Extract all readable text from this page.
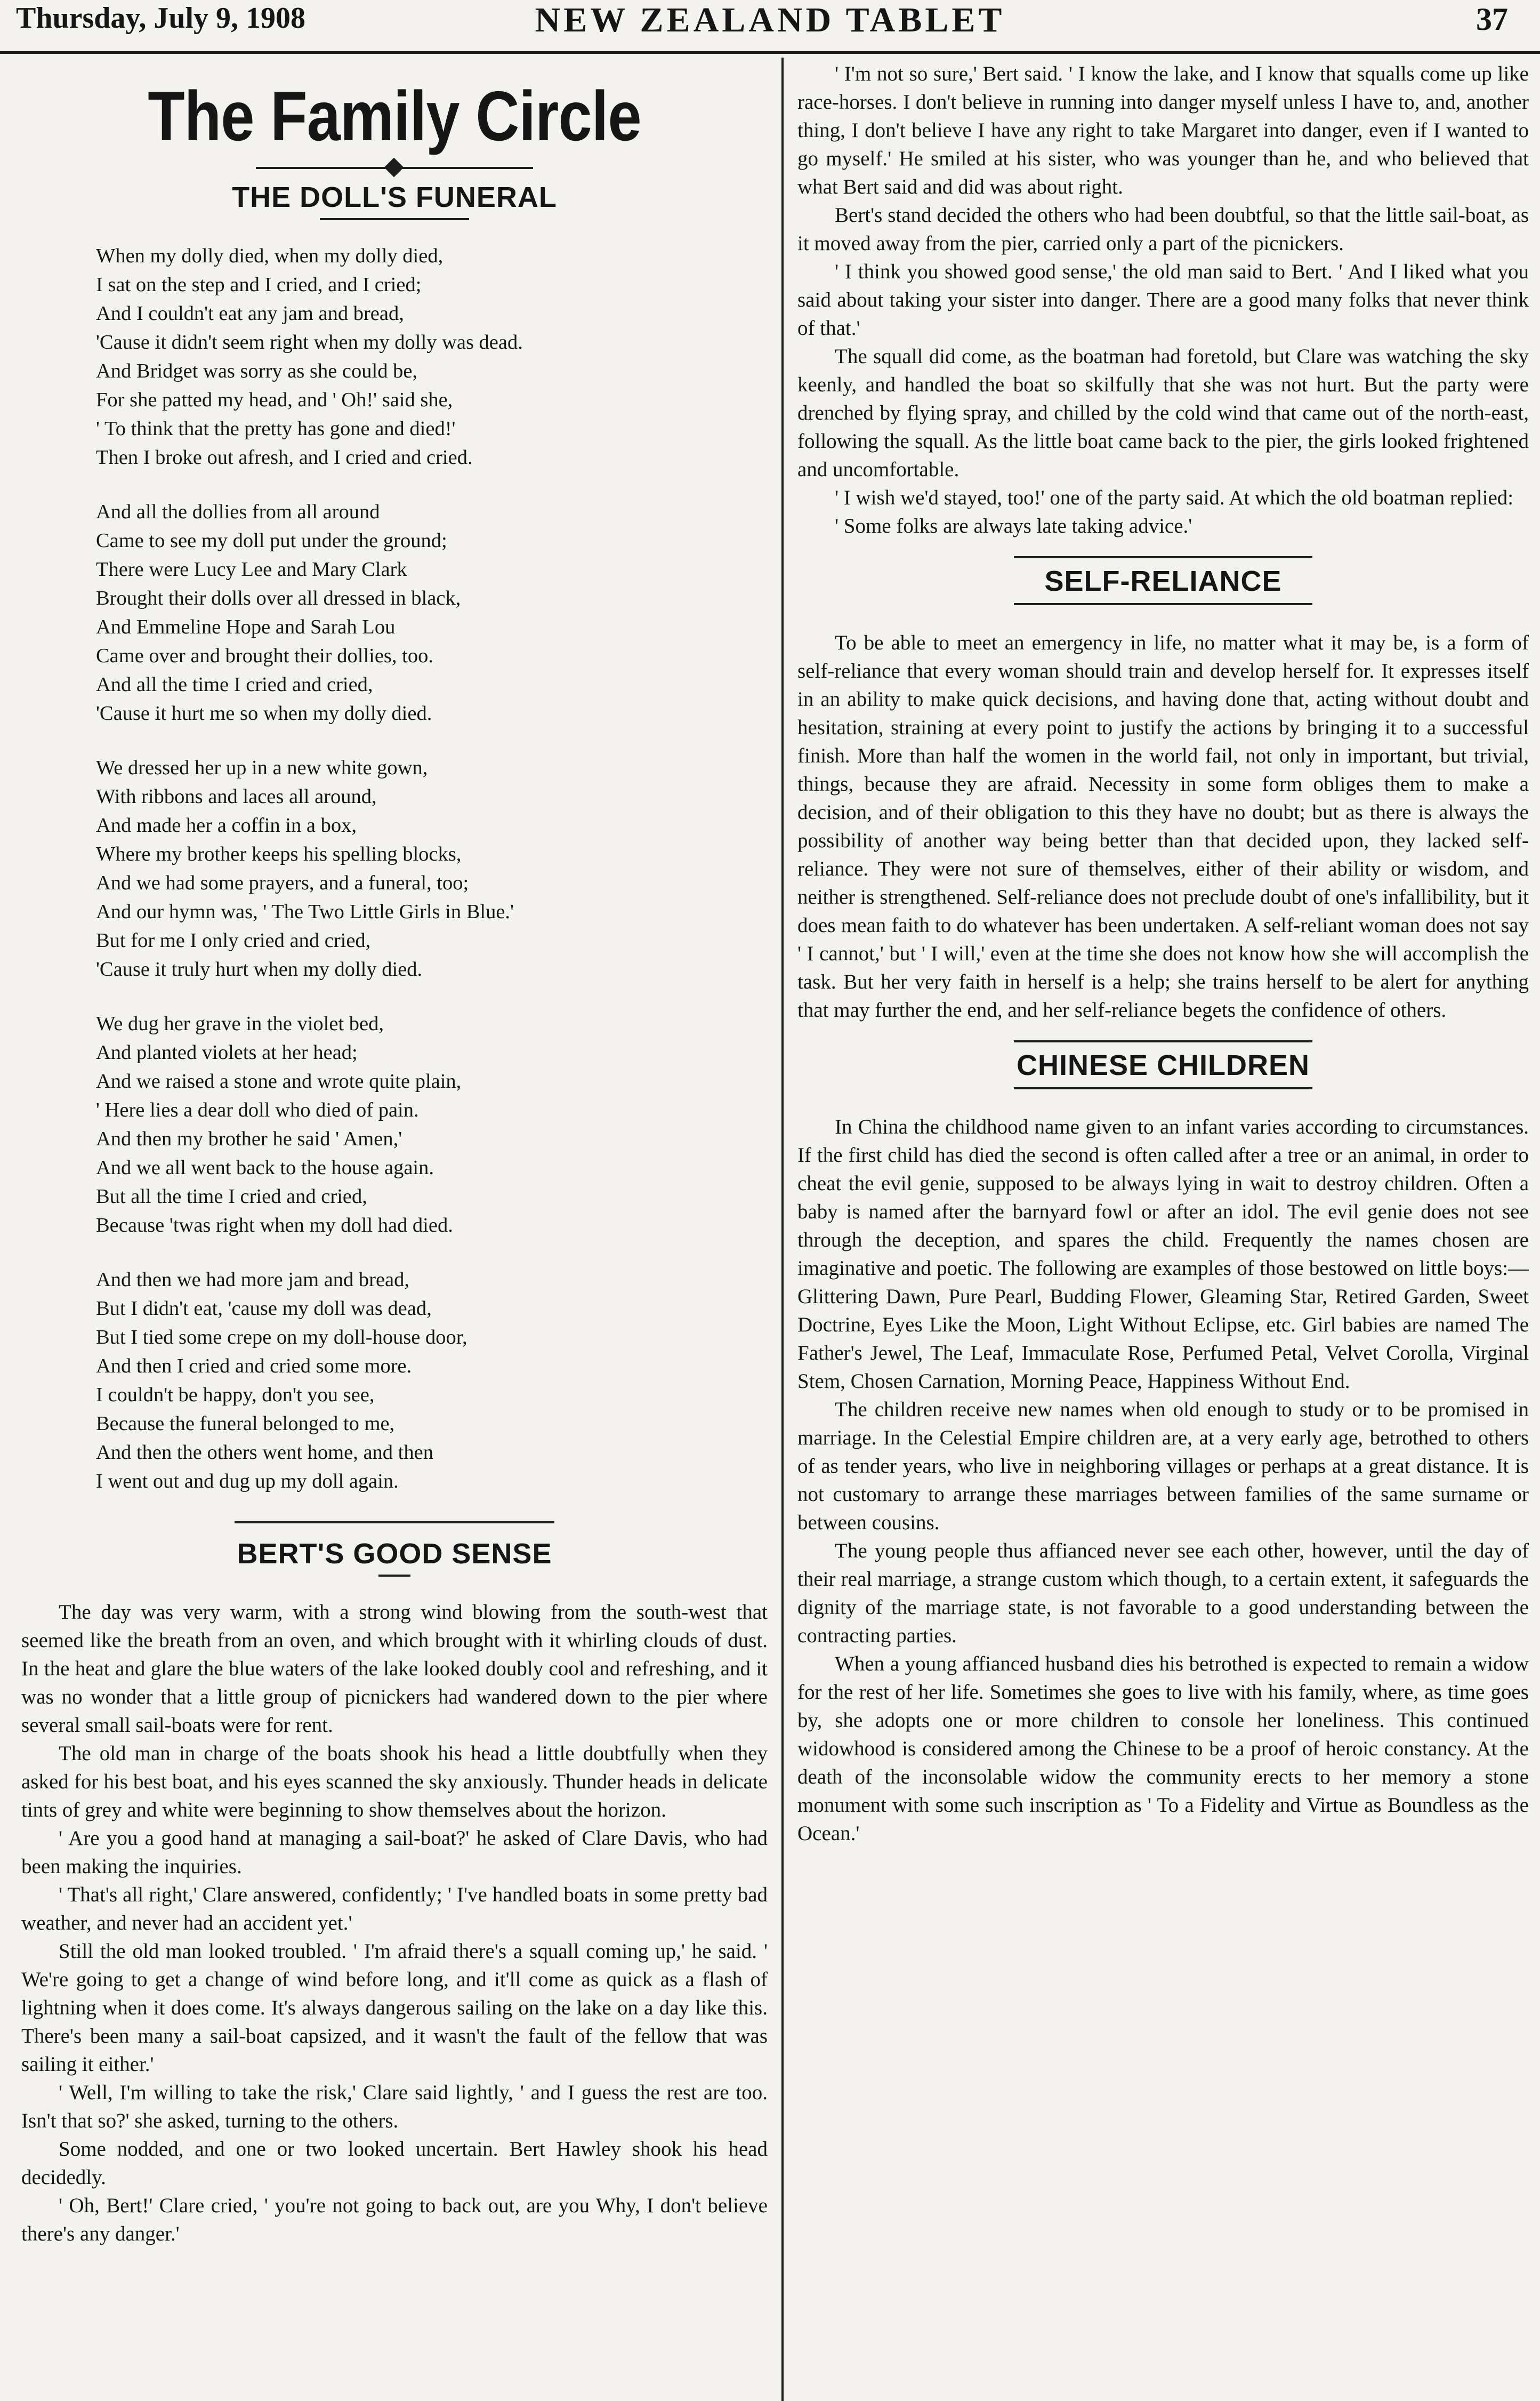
Thursday, July 9, 1908	NEW ZEALAND TABLET	37
The Family Circle
THE DOLL'S FUNERAL
When my dolly died, when my dolly died,
I sat on the step and I cried, and I cried;
And I couldn't eat any jam and bread,
'Cause it didn't seem right when my dolly was dead.
And Bridget was sorry as she could be,
For she patted my head, and ' Oh!' said she,
' To think that the pretty has gone and died!'
Then I broke out afresh, and I cried and cried.
And all the dollies from all around
Came to see my doll put under the ground;
There were Lucy Lee and Mary Clark
Brought their dolls over all dressed in black,
And Emmeline Hope and Sarah Lou
Came over and brought their dollies, too.
And all the time I cried and cried,
'Cause it hurt me so when my dolly died.
We dressed her up in a new white gown,
With ribbons and laces all around,
And made her a coffin in a box,
Where my brother keeps his spelling blocks,
And we had some prayers, and a funeral, too;
And our hymn was, ' The Two Little Girls in Blue.'
But for me I only cried and cried,
'Cause it truly hurt when my dolly died.
We dug her grave in the violet bed,
And planted violets at her head;
And we raised a stone and wrote quite plain,
' Here lies a dear doll who died of pain.
And then my brother he said ' Amen,'
And we all went back to the house again.
But all the time I cried and cried,
Because 'twas right when my doll had died.
And then we had more jam and bread,
But I didn't eat, 'cause my doll was dead,
But I tied some crepe on my doll-house door,
And then I cried and cried some more.
I couldn't be happy, don't you see,
Because the funeral belonged to me,
And then the others went home, and then
I went out and dug up my doll again.
BERT'S GOOD SENSE

The day was very warm, with a strong wind blowing from the south-west that seemed like the breath from an oven, and which brought with it whirling clouds of dust. In the heat and glare the blue waters of the lake looked doubly cool and refreshing, and it was no wonder that a little group of picnickers had wandered down to the pier where several small sail-boats were for rent.

The old man in charge of the boats shook his head a little doubtfully when they asked for his best boat, and his eyes scanned the sky anxiously. Thunder heads in delicate tints of grey and white were beginning to show themselves about the horizon.

' Are you a good hand at managing a sail-boat?' he asked of Clare Davis, who had been making the inquiries.

' That's all right,' Clare answered, confidently; ' I've handled boats in some pretty bad weather, and never had an accident yet.'

Still the old man looked troubled. ' I'm afraid there's a squall coming up,' he said. ' We're going to get a change of wind before long, and it'll come as quick as a flash of lightning when it does come. It's always dangerous sailing on the lake on a day like this. There's been many a sail-boat capsized, and it wasn't the fault of the fellow that was sailing it either.'

' Well, I'm willing to take the risk,' Clare said lightly, ' and I guess the rest are too. Isn't that so?' she asked, turning to the others.

Some nodded, and one or two looked uncertain. Bert Hawley shook his head decidedly.

' Oh, Bert!' Clare cried, ' you're not going to back out, are you Why, I don't believe there's any danger.'

' I'm not so sure,' Bert said. ' I know the lake, and I know that squalls come up like race-horses. I don't believe in running into danger myself unless I have to, and, another thing, I don't believe I have any right to take Margaret into danger, even if I wanted to go myself.' He smiled at his sister, who was younger than he, and who believed that what Bert said and did was about right.

Bert's stand decided the others who had been doubtful, so that the little sail-boat, as it moved away from the pier, carried only a part of the picnickers.

' I think you showed good sense,' the old man said to Bert. ' And I liked what you said about taking your sister into danger. There are a good many folks that never think of that.'

The squall did come, as the boatman had foretold, but Clare was watching the sky keenly, and handled the boat so skilfully that she was not hurt. But the party were drenched by flying spray, and chilled by the cold wind that came out of the north-east, following the squall. As the little boat came back to the pier, the girls looked frightened and uncomfortable.

' I wish we'd stayed, too!' one of the party said. At which the old boatman replied:

' Some folks are always late taking advice.'

SELF-RELIANCE

To be able to meet an emergency in life, no matter what it may be, is a form of self-reliance that every woman should train and develop herself for. It expresses itself in an ability to make quick decisions, and having done that, acting without doubt and hesitation, straining at every point to justify the actions by bringing it to a successful finish. More than half the women in the world fail, not only in important, but trivial, things, because they are afraid. Necessity in some form obliges them to make a decision, and of their obligation to this they have no doubt; but as there is always the possibility of another way being better than that decided upon, they lacked self-reliance. They were not sure of themselves, either of their ability or wisdom, and neither is strengthened. Self-reliance does not preclude doubt of one's infallibility, but it does mean faith to do whatever has been undertaken. A self-reliant woman does not say ' I cannot,' but ' I will,' even at the time she does not know how she will accomplish the task. But her very faith in herself is a help; she trains herself to be alert for anything that may further the end, and her self-reliance begets the confidence of others.

CHINESE CHILDREN

In China the childhood name given to an infant varies according to circumstances. If the first child has died the second is often called after a tree or an animal, in order to cheat the evil genie, supposed to be always lying in wait to destroy children. Often a baby is named after the barnyard fowl or after an idol. The evil genie does not see through the deception, and spares the child. Frequently the names chosen are imaginative and poetic. The following are examples of those bestowed on little boys:—Glittering Dawn, Pure Pearl, Budding Flower, Gleaming Star, Retired Garden, Sweet Doctrine, Eyes Like the Moon, Light Without Eclipse, etc. Girl babies are named The Father's Jewel, The Leaf, Immaculate Rose, Perfumed Petal, Velvet Corolla, Virginal Stem, Chosen Carnation, Morning Peace, Happiness Without End.

The children receive new names when old enough to study or to be promised in marriage. In the Celestial Empire children are, at a very early age, betrothed to others of as tender years, who live in neighboring villages or perhaps at a great distance. It is not customary to arrange these marriages between families of the same surname or between cousins.

The young people thus affianced never see each other, however, until the day of their real marriage, a strange custom which though, to a certain extent, it safeguards the dignity of the marriage state, is not favorable to a good understanding between the contracting parties.

When a young affianced husband dies his betrothed is expected to remain a widow for the rest of her life. Sometimes she goes to live with his family, where, as time goes by, she adopts one or more children to console her loneliness. This continued widowhood is considered among the Chinese to be a proof of heroic constancy. At the death of the inconsolable widow the community erects to her memory a stone monument with some such inscription as ' To a Fidelity and Virtue as Boundless as the Ocean.'
